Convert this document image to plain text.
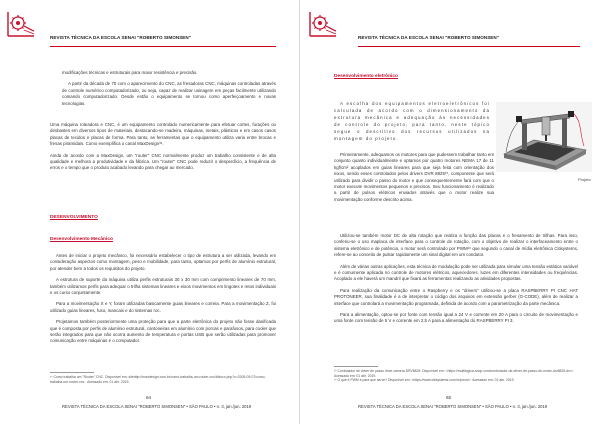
REVISTA TÉCNICA DA ESCOLA SENAI "ROBERTO SIMONSEN"

modificações técnicas e estruturais para maior resistência e precisão.

A partir da década de 70 com o aparecimento do CNC, as fresadoras CNC, máquinas controladas através de controle numérico computadorizado, ou seja, capaz de realizar usinagem em peças facilmente utilizando comando computadorizado. Desde então o equipamento se tornou como aperfeiçoamento e novas tecnologias.

Uma máquina roteadora e CNC, é um equipamento controlado numericamente para efetuar cortes, furações ou desbastes em diversos tipos de materiais, destacando-se madeira, máquinas, metais, plásticos e em casos casos placas de tecidos e placas de forma. Para tanto, as ferramentas que o equipamento utiliza varia entre brocas e fresas piramidais. Como exemplifica o canal MaxDesign³⁴.

Ainda de acordo com a MaxDesign, um "router" CNC normalmente produz um trabalho consistente e de alta qualidade e melhora a produtividade e da fábrica. Um "router" CNC pode reduzir o desperdício, a frequência de erros e o tempo que o produto acabado levando para chegar ao mercado.

DESENVOLVIMENTO
Desenvolvimento Mecânico

Antes de iniciar o projeto mecânico, foi necessário estabelecer o tipo de estrutura a ser utilizada, levando em consideração aspectos como montagem, peso e mobilidade, para tanto, optamos por perfis de alumínio estrutural, por atender bem a todos os requisitos do projeto.

A estrutura de suporte da máquina utiliza perfis estruturais 30 x 30 mm com comprimento lineares de 70 mm, também utilizamos perfis para adequar o trilha sistemas lineares e eixos movimentos em lingotes e retos individuais e os curso conjuntamente.

Para a movimentação X e Y, foram utilizadas basicamente guias lineares e correia. Para a movimentação Z, foi utilizado guias lineares, fuso, mancais e do sistemas roc.

Projetamos também posteriormente uma proteção para que a parte eletrônica do projeto não fosse danificada que é composta por perfis de alumínio estrutural, cantoneiras em alumínio com porcas e parafusos, para cooler que serão integrados para que não ocorra aumento de temperatura e portas USB que serão utilizadas para promover comunicação entre máquinas e o computador.

¹⁴ Como trabalha um "Router" CNC. Disponível em: sitehttp://maxdesign.com.br/como-trabalha-um-router-cnc/#bloco.php?c=2009-09-07/como-trabalha-um-router-cnc . Acessado em: 01 abr. 2019.
64
REVISTA TÉCNICA DA ESCOLA SENAI "ROBERTO SIMONSEN" • SÃO PAULO • n. 3, jan./jun. 2019
REVISTA TÉCNICA DA ESCOLA SENAI "ROBERTO SIMONSEN"
Desenvolvimento eletrônico

A escolha dos equipamentos eletroeletrônicos foi calculada de acordo com o dimensionamento da estrutura mecânica e adequação às necessidades de controle do projeto, para tanto, neste tópico segue o descritivo dos recursos utilizados na montagem do projeto.

Projeto

Primeiramente, adequamos os motores para que pudessem trabalhar tanto em conjunto quanto individualmente e optamos por quatro motores NEMA 17 de 11 kgf/cm² acoplados em guias lineares para que seja feita com orientação dos eixos, sendo esses controlados pelos drivers DVR 8825¹⁵, componente que será utilizado para dividir o passo do motor e que consequentemente fará com que o motor execute movimentos pequenos e precisos. Seu funcionamento é realizado a partir de pulsos elétricos enviados através que o motor realize sua movimentação conforme descrito acima.

Utilizou-se também motor DC de alta rotação que realiza a função das placas e o fresamento de trilhas. Para isso, conferiu-se o uso maplaca de interface para o controle de rotação, com o objetivo de realizar o interfaceamento entre o sistema eletrônico e de potência, o motor será controlado por PWM¹⁶ que segundo o canal de mídia eletrônica Citisystems, refere-se ao conceito de pulsar rapidamente um sinal digital em um condutor.

Além de várias outras aplicações, esta técnica de modulação pode ser utilizada para simular uma tensão estática variável e é comumente aplicada no controle de motores elétricos, aquecedores, luzes em diferentes intensidades ou frequências. Acoplado a ele haverá um mandril que fixará as ferramentas realizando as atividades propostas.

Para realização da comunicação entre o Raspberry e os "drivers" utilizou-se a placa RASPBERRY PI CNC HAT PROTONEER, sua finalidade é a de interpretar o código dos arquivos em extensão gerber (G-CODE), além de realizar a interface que controlará a movimentação programada, definida de acordo com a parametrização da parte mecânica.

Para a alimentação, optou-se por fonte com tensão igual a 24 V e corrente em 20 A para o circuito de movimentação e uma fonte com tensão de 5 V e corrente em 2,5 A para a alimentação do RASPBERRY PI 3.

¹⁵ Controlador de driver de passo drive-camera DRV8825. Disponível em: <https://multilogica-shop.com/controlador-de-driver-de-passo-de-motor-drv8825-drv>. Acessado em: 01 abr. 2019.
¹⁶ O que é PWM e para que serve? Disponível em: <https://www.citisystems.com.br/pwm/>. Acessado em: 01 abr. 2019.
65
REVISTA TÉCNICA DA ESCOLA SENAI "ROBERTO SIMONSEN" • SÃO PAULO • n. 3, jan./jun. 2019
